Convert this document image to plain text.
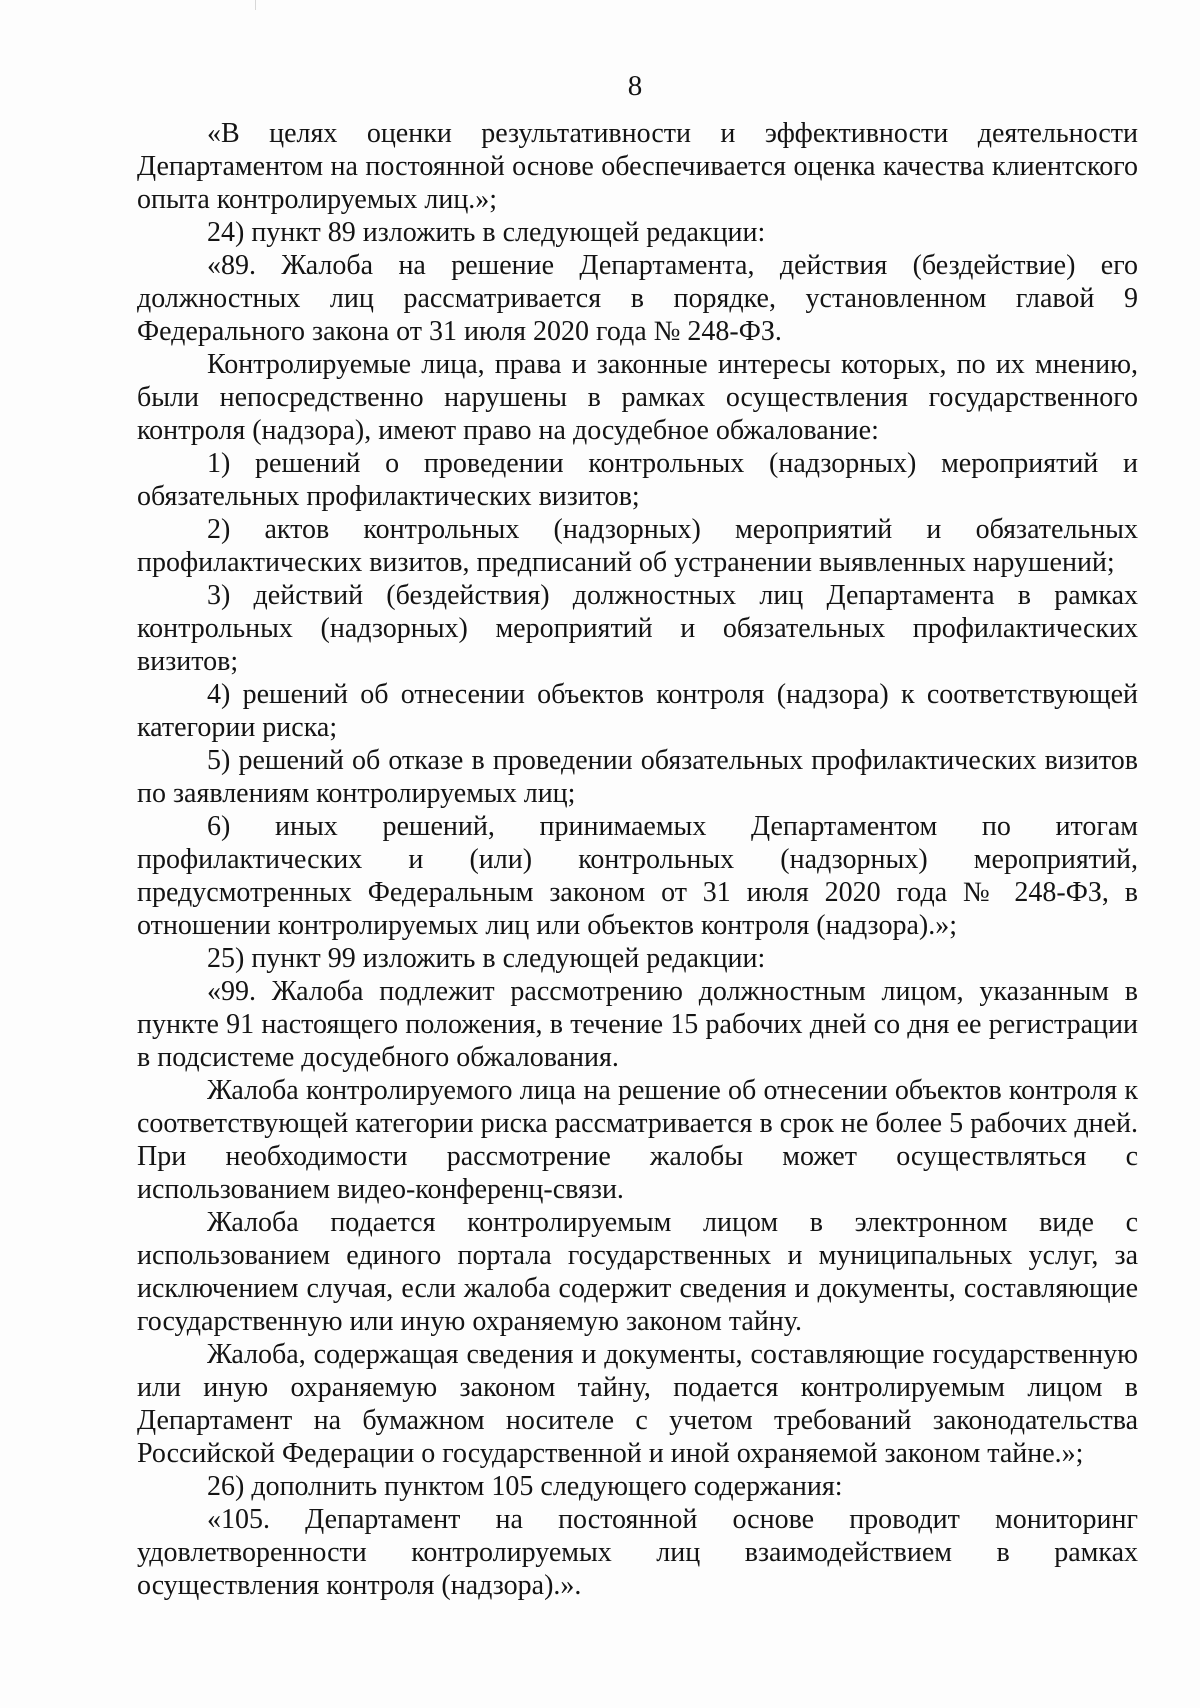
8

«В целях оценки результативности и эффективности деятельности Департаментом на постоянной основе обеспечивается оценка качества клиентского опыта контролируемых лиц.»;

24) пункт 89 изложить в следующей редакции:

«89. Жалоба на решение Департамента, действия (бездействие) его должностных лиц рассматривается в порядке, установленном главой 9 Федерального закона от 31 июля 2020 года № 248-ФЗ.

Контролируемые лица, права и законные интересы которых, по их мнению, были непосредственно нарушены в рамках осуществления государственного контроля (надзора), имеют право на досудебное обжалование:

1) решений о проведении контрольных (надзорных) мероприятий и обязательных профилактических визитов;

2) актов контрольных (надзорных) мероприятий и обязательных профилактических визитов, предписаний об устранении выявленных нарушений;

3) действий (бездействия) должностных лиц Департамента в рамках контрольных (надзорных) мероприятий и обязательных профилактических визитов;

4) решений об отнесении объектов контроля (надзора) к соответствующей категории риска;

5) решений об отказе в проведении обязательных профилактических визитов по заявлениям контролируемых лиц;

6) иных решений, принимаемых Департаментом по итогам профилактических и (или) контрольных (надзорных) мероприятий, предусмотренных Федеральным законом от 31 июля 2020 года № 248-ФЗ, в отношении контролируемых лиц или объектов контроля (надзора).»;

25) пункт 99 изложить в следующей редакции:

«99. Жалоба подлежит рассмотрению должностным лицом, указанным в пункте 91 настоящего положения, в течение 15 рабочих дней со дня ее регистрации в подсистеме досудебного обжалования.

Жалоба контролируемого лица на решение об отнесении объектов контроля к соответствующей категории риска рассматривается в срок не более 5 рабочих дней. При необходимости рассмотрение жалобы может осуществляться с использованием видео-конференц-связи.

Жалоба подается контролируемым лицом в электронном виде с использованием единого портала государственных и муниципальных услуг, за исключением случая, если жалоба содержит сведения и документы, составляющие государственную или иную охраняемую законом тайну.

Жалоба, содержащая сведения и документы, составляющие государственную или иную охраняемую законом тайну, подается контролируемым лицом в Департамент на бумажном носителе с учетом требований законодательства Российской Федерации о государственной и иной охраняемой законом тайне.»;

26) дополнить пунктом 105 следующего содержания:

«105. Департамент на постоянной основе проводит мониторинг удовлетворенности контролируемых лиц взаимодействием в рамках осуществления контроля (надзора).».
